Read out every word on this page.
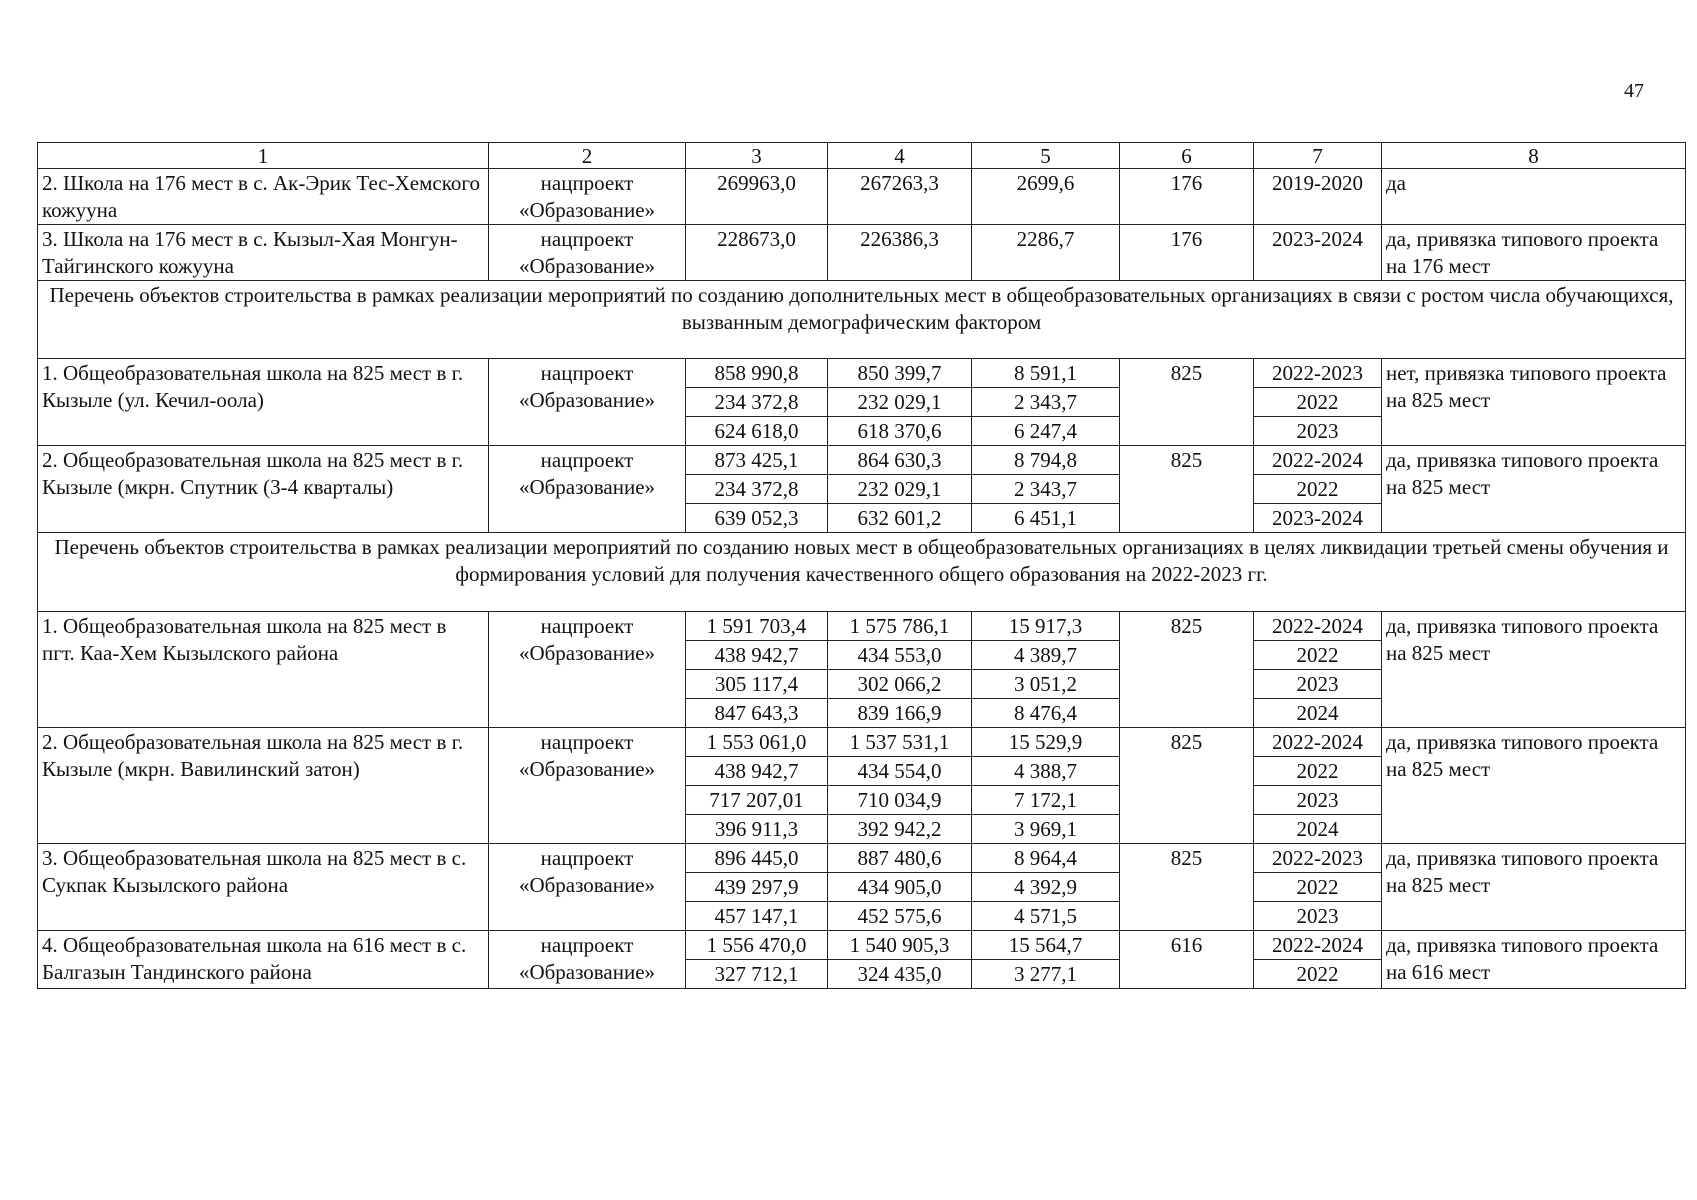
47
1	2	3	4	5	6	7	8
2. Школа на 176 мест в с. Ак-Эрик Тес-Хемского кожууна	нацпроект «Образование»	269963,0	267263,3	2699,6	176	2019-2020	да
3. Школа на 176 мест в с. Кызыл-Хая Монгун-Тайгинского кожууна	нацпроект «Образование»	228673,0	226386,3	2286,7	176	2023-2024	да, привязка типового проекта на 176 мест
Перечень объектов строительства в рамках реализации мероприятий по созданию дополнительных мест в общеобразовательных организациях в связи с ростом числа обучающихся, вызванным демографическим фактором							
1. Общеобразовательная школа на 825 мест в г. Кызыле (ул. Кечил-оола)	нацпроект «Образование»	858 990,8	850 399,7	8 591,1	825	2022-2023	нет, привязка типового проекта на 825 мест
		234 372,8	232 029,1	2 343,7		2022	
		624 618,0	618 370,6	6 247,4		2023	
2. Общеобразовательная школа на 825 мест в г. Кызыле (мкрн. Спутник (3-4 кварталы)	нацпроект «Образование»	873 425,1	864 630,3	8 794,8	825	2022-2024	да, привязка типового проекта на 825 мест
		234 372,8	232 029,1	2 343,7		2022	
		639 052,3	632 601,2	6 451,1		2023-2024	
Перечень объектов строительства в рамках реализации мероприятий по созданию новых мест в общеобразовательных организациях в целях ликвидации третьей смены обучения и формирования условий для получения качественного общего образования на 2022-2023 гг.							
1. Общеобразовательная школа на 825 мест в пгт. Каа-Хем Кызылского района	нацпроект «Образование»	1 591 703,4	1 575 786,1	15 917,3	825	2022-2024	да, привязка типового проекта на 825 мест
		438 942,7	434 553,0	4 389,7		2022	
		305 117,4	302 066,2	3 051,2		2023	
		847 643,3	839 166,9	8 476,4		2024	
2. Общеобразовательная школа на 825 мест в г. Кызыле (мкрн. Вавилинский затон)	нацпроект «Образование»	1 553 061,0	1 537 531,1	15 529,9	825	2022-2024	да, привязка типового проекта на 825 мест
		438 942,7	434 554,0	4 388,7		2022	
		717 207,01	710 034,9	7 172,1		2023	
		396 911,3	392 942,2	3 969,1		2024	
3. Общеобразовательная школа на 825 мест в с. Сукпак Кызылского района	нацпроект «Образование»	896 445,0	887 480,6	8 964,4	825	2022-2023	да, привязка типового проекта на 825 мест
		439 297,9	434 905,0	4 392,9		2022	
		457 147,1	452 575,6	4 571,5		2023	
4. Общеобразовательная школа на 616 мест в с. Балгазын Тандинского района	нацпроект «Образование»	1 556 470,0	1 540 905,3	15 564,7	616	2022-2024	да, привязка типового проекта на 616 мест
		327 712,1	324 435,0	3 277,1		2022	
